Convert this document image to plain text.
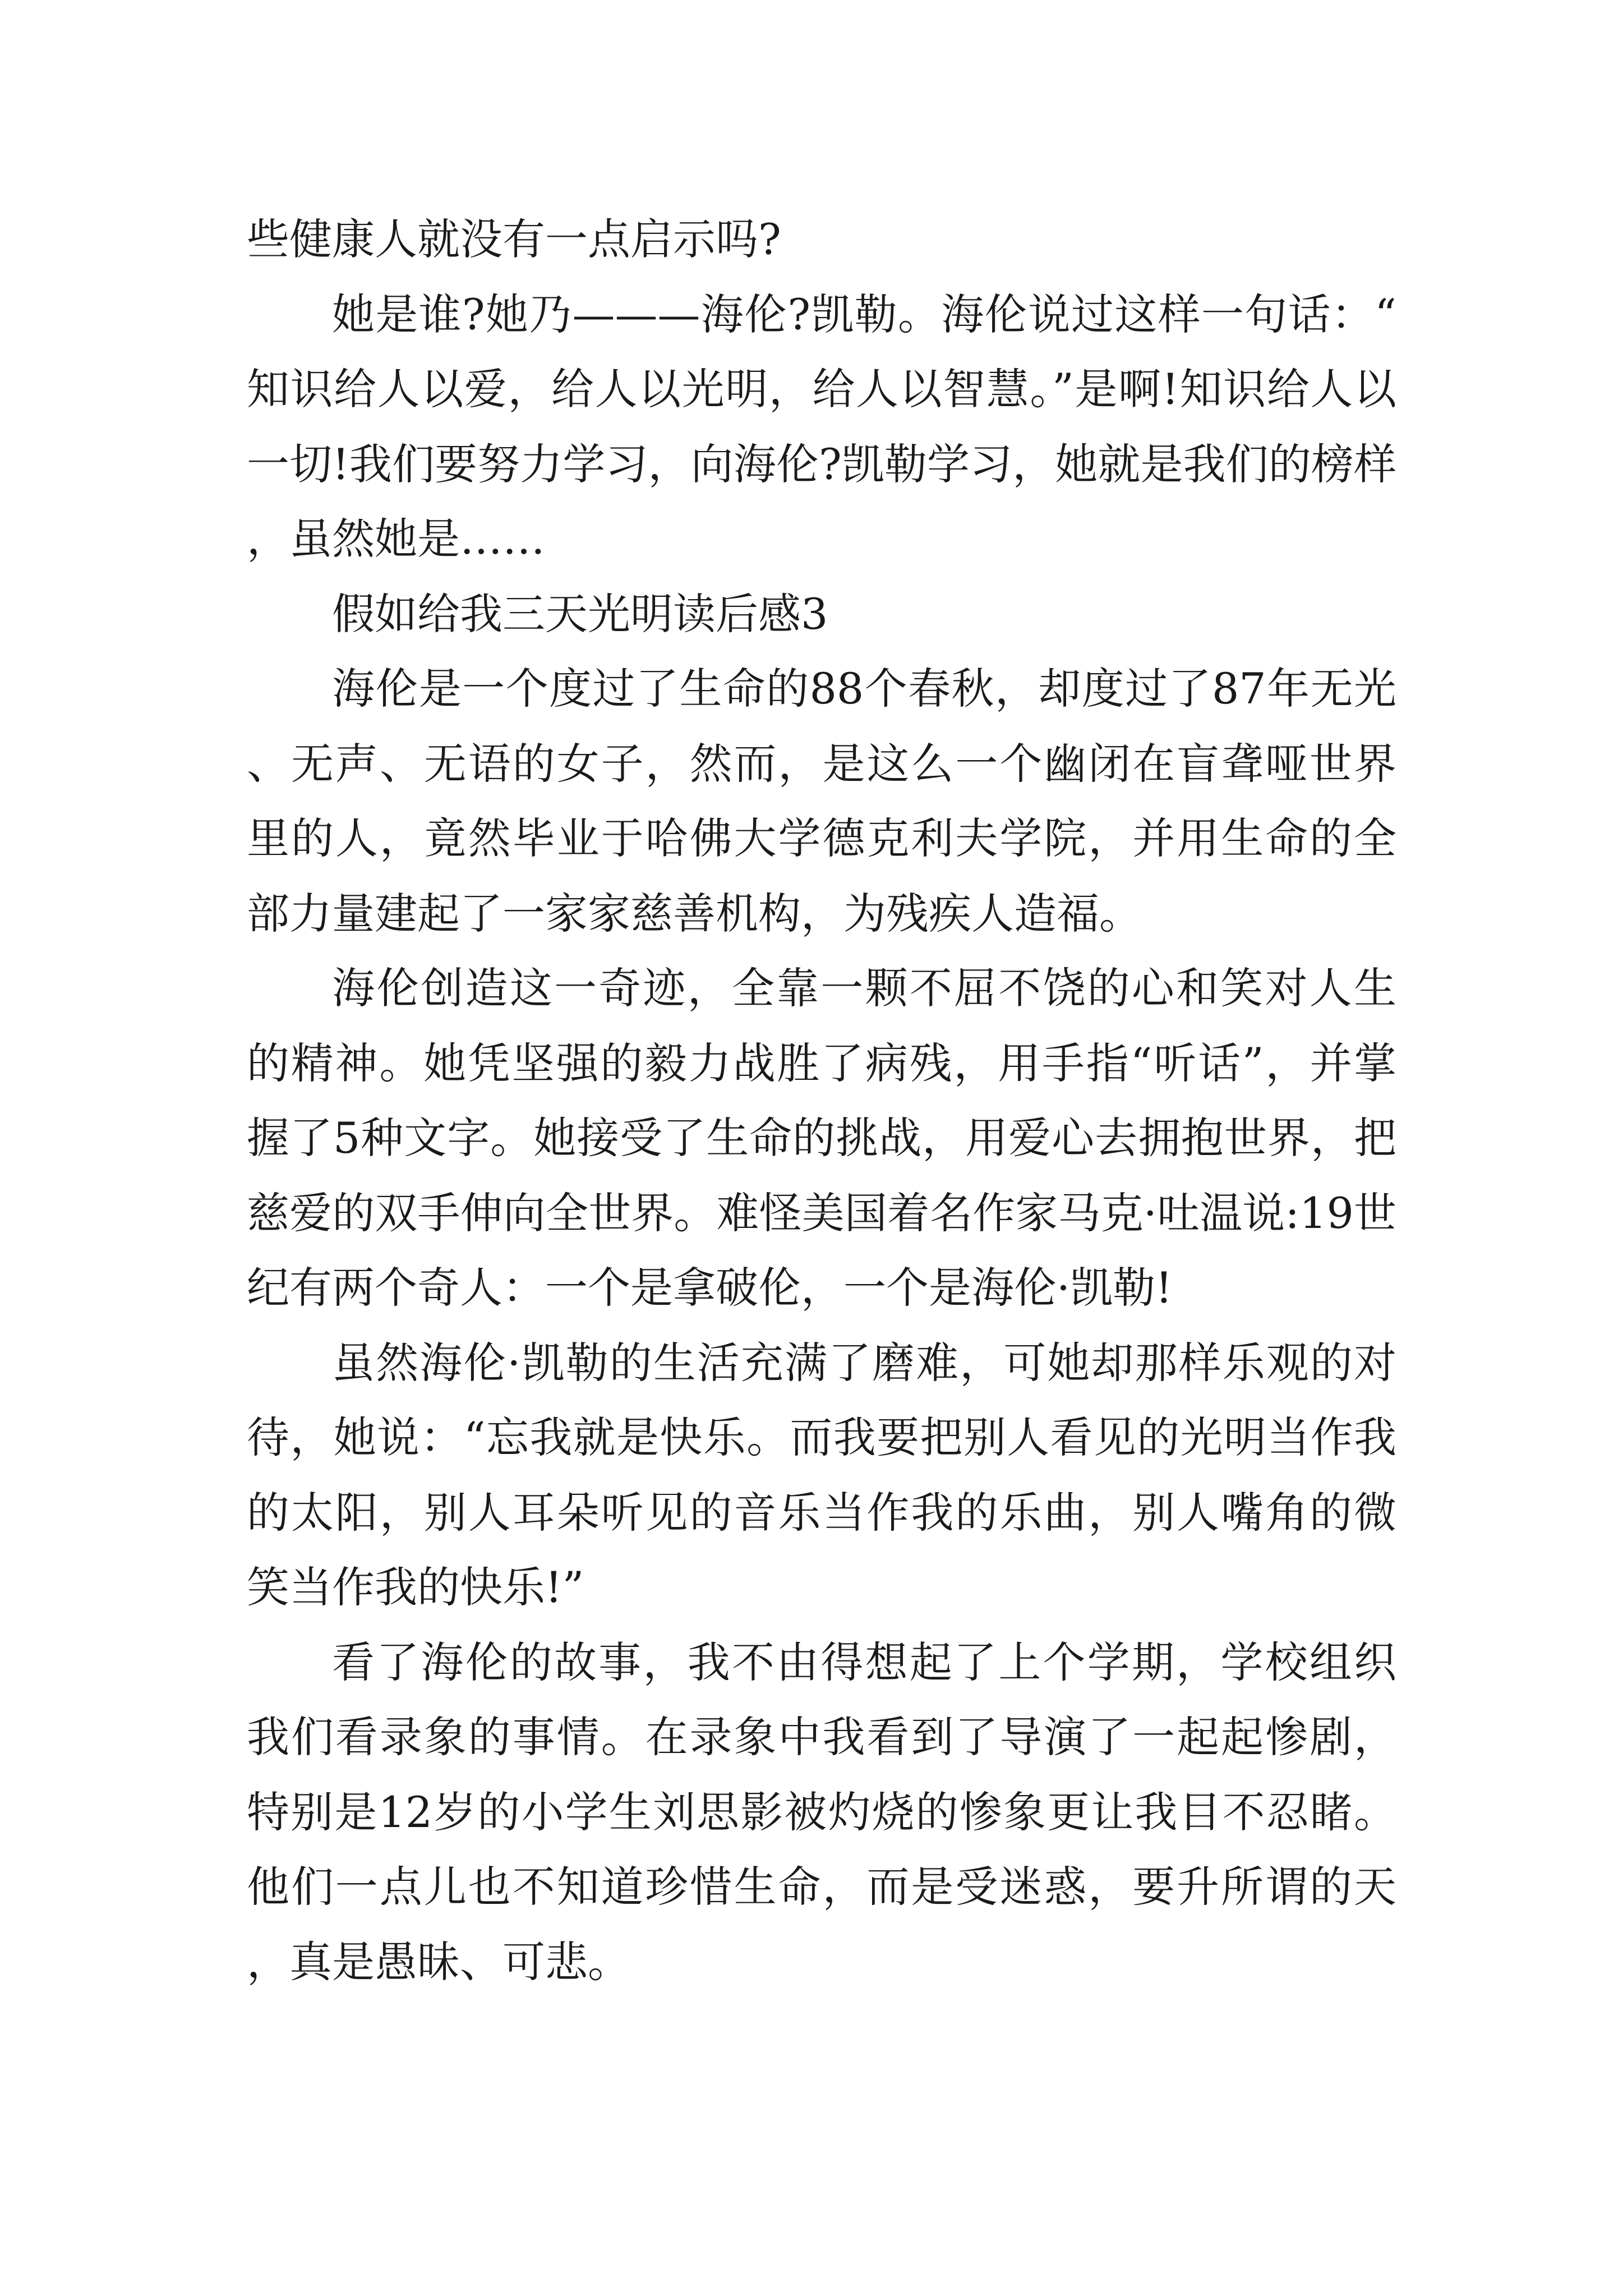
些健康人就没有一点启示吗?

她是谁?她乃———海伦?凯勒。海伦说过这样一句话：“知识给人以爱，给人以光明，给人以智慧。”是啊!知识给人以一切!我们要努力学习，向海伦?凯勒学习，她就是我们的榜样，虽然她是……

假如给我三天光明读后感3

海伦是一个度过了生命的88个春秋，却度过了87年无光、无声、无语的女子，然而，是这么一个幽闭在盲聋哑世界里的人，竟然毕业于哈佛大学德克利夫学院，并用生命的全部力量建起了一家家慈善机构，为残疾人造福。

海伦创造这一奇迹，全靠一颗不屈不饶的心和笑对人生的精神。她凭坚强的毅力战胜了病残，用手指“听话”，并掌握了5种文字。她接受了生命的挑战，用爱心去拥抱世界，把慈爱的双手伸向全世界。难怪美国着名作家马克·吐温说:19世纪有两个奇人：一个是拿破伦，一个是海伦·凯勒!

虽然海伦·凯勒的生活充满了磨难，可她却那样乐观的对待，她说：“忘我就是快乐。而我要把别人看见的光明当作我的太阳，别人耳朵听见的音乐当作我的乐曲，别人嘴角的微笑当作我的快乐!”

看了海伦的故事，我不由得想起了上个学期，学校组织我们看录象的事情。在录象中我看到了导演了一起起惨剧，特别是12岁的小学生刘思影被灼烧的惨象更让我目不忍睹。他们一点儿也不知道珍惜生命，而是受迷惑，要升所谓的天，真是愚昧、可悲。
